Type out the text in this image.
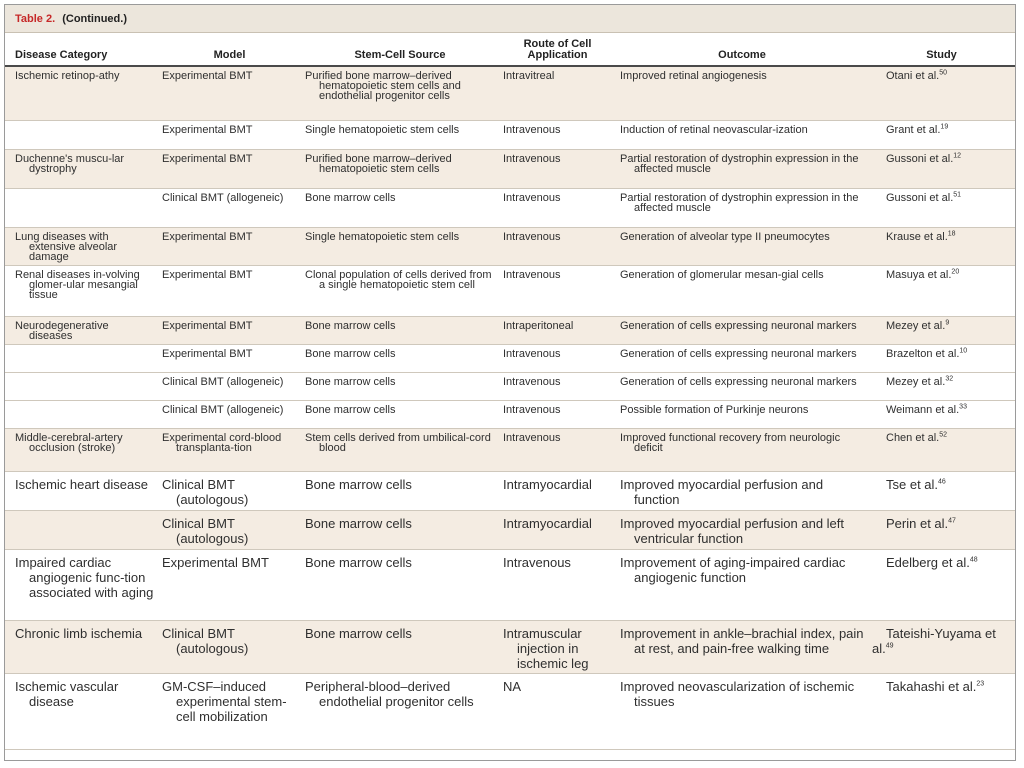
Table 2. (Continued.)
Disease Category	Model	Stem-Cell Source	Route of Cell Application	Outcome	Study

Ischemic retinop-athy	Experimental BMT	Purified bone marrow–derived hematopoietic stem cells and endothelial progenitor cells	Intravitreal	Improved retinal angiogenesis	Otani et al.$^{50}$

	Experimental BMT	Single hematopoietic stem cells	Intravenous	Induction of retinal neovascular-ization	Grant et al.$^{19}$

Duchenne's muscu-lar dystrophy	Experimental BMT	Purified bone marrow–derived hematopoietic stem cells	Intravenous	Partial restoration of dystrophin expression in the affected muscle	Gussoni et al.$^{12}$

	Clinical BMT (allogeneic)	Bone marrow cells	Intravenous	Partial restoration of dystrophin expression in the affected muscle	Gussoni et al.$^{51}$

Lung diseases with extensive alveolar damage	Experimental BMT	Single hematopoietic stem cells	Intravenous	Generation of alveolar type II pneumocytes	Krause et al.$^{18}$

Renal diseases in-volving glomer-ular mesangial tissue	Experimental BMT	Clonal population of cells derived from a single hematopoietic stem cell	Intravenous	Generation of glomerular mesan-gial cells	Masuya et al.$^{20}$

Neurodegenerative diseases	Experimental BMT	Bone marrow cells	Intraperitoneal	Generation of cells expressing neuronal markers	Mezey et al.$^9$

	Experimental BMT	Bone marrow cells	Intravenous	Generation of cells expressing neuronal markers	Brazelton et al.$^{10}$

	Clinical BMT (allogeneic)	Bone marrow cells	Intravenous	Generation of cells expressing neuronal markers	Mezey et al.$^{32}$

	Clinical BMT (allogeneic)	Bone marrow cells	Intravenous	Possible formation of Purkinje neurons	Weimann et al.$^{33}$

Middle-cerebral-artery occlusion (stroke)	Experimental cord-blood transplanta-tion	Stem cells derived from umbilical-cord blood	Intravenous	Improved functional recovery from neurologic deficit	Chen et al.$^{52}$

Ischemic heart disease	Clinical BMT (autologous)	Bone marrow cells	Intramyocardial	Improved myocardial perfusion and function	Tse et al.$^{46}$

	Clinical BMT (autologous)	Bone marrow cells	Intramyocardial	Improved myocardial perfusion and left ventricular function	Perin et al.$^{47}$

Impaired cardiac angiogenic func-tion associated with aging	Experimental BMT	Bone marrow cells	Intravenous	Improvement of aging-impaired cardiac angiogenic function	Edelberg et al.$^{48}$

Chronic limb ischemia	Clinical BMT (autologous)	Bone marrow cells	Intramuscular injection in ischemic leg	Improvement in ankle–brachial index, pain at rest, and pain-free walking time	Tateishi-Yuyama et al.$^{49}$

Ischemic vascular disease	GM-CSF–induced experimental stem-cell mobilization	Peripheral-blood–derived endothelial progenitor cells	NA	Improved neovascularization of ischemic tissues	Takahashi et al.$^{23}$
